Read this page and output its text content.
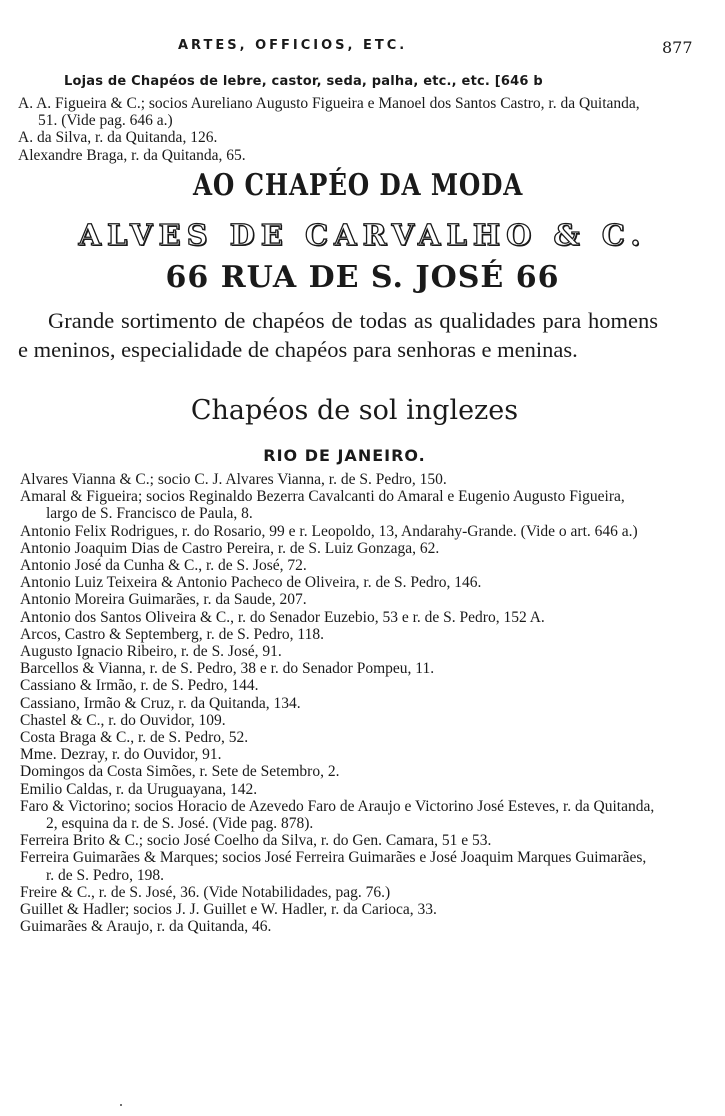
ARTES, OFFICIOS, ETC.	877
Lojas de Chapéos de lebre, castor, seda, palha, etc., etc. [646 b
A. A. Figueira & C.; socios Aureliano Augusto Figueira e Manoel dos Santos Castro, r. da Quitanda, 51. (Vide pag. 646 a.)
A. da Silva, r. da Quitanda, 126.
Alexandre Braga, r. da Quitanda, 65.
AO CHAPÉO DA MODA
ALVES DE CARVALHO & C.
66 RUA DE S. JOSÉ 66
Grande sortimento de chapéos de todas as qualidades para homens e meninos, especialidade de chapéos para senhoras e meninas.
Chapéos de sol inglezes
RIO DE JANEIRO.
Alvares Vianna & C.; socio C. J. Alvares Vianna, r. de S. Pedro, 150.
Amaral & Figueira; socios Reginaldo Bezerra Cavalcanti do Amaral e Eugenio Augusto Figueira, largo de S. Francisco de Paula, 8.
Antonio Felix Rodrigues, r. do Rosario, 99 e r. Leopoldo, 13, Andarahy-Grande. (Vide o art. 646 a.)
Antonio Joaquim Dias de Castro Pereira, r. de S. Luiz Gonzaga, 62.
Antonio José da Cunha & C., r. de S. José, 72.
Antonio Luiz Teixeira & Antonio Pacheco de Oliveira, r. de S. Pedro, 146.
Antonio Moreira Guimarães, r. da Saude, 207.
Antonio dos Santos Oliveira & C., r. do Senador Euzebio, 53 e r. de S. Pedro, 152 A.
Arcos, Castro & Septemberg, r. de S. Pedro, 118.
Augusto Ignacio Ribeiro, r. de S. José, 91.
Barcellos & Vianna, r. de S. Pedro, 38 e r. do Senador Pompeu, 11.
Cassiano & Irmão, r. de S. Pedro, 144.
Cassiano, Irmão & Cruz, r. da Quitanda, 134.
Chastel & C., r. do Ouvidor, 109.
Costa Braga & C., r. de S. Pedro, 52.
Mme. Dezray, r. do Ouvidor, 91.
Domingos da Costa Simões, r. Sete de Setembro, 2.
Emilio Caldas, r. da Uruguayana, 142.
Faro & Victorino; socios Horacio de Azevedo Faro de Araujo e Victorino José Esteves, r. da Quitanda, 2, esquina da r. de S. José. (Vide pag. 878).
Ferreira Brito & C.; socio José Coelho da Silva, r. do Gen. Camara, 51 e 53.
Ferreira Guimarães & Marques; socios José Ferreira Guimarães e José Joaquim Marques Guimarães, r. de S. Pedro, 198.
Freire & C., r. de S. José, 36. (Vide Notabilidades, pag. 76.)
Guillet & Hadler; socios J. J. Guillet e W. Hadler, r. da Carioca, 33.
Guimarães & Araujo, r. da Quitanda, 46.
